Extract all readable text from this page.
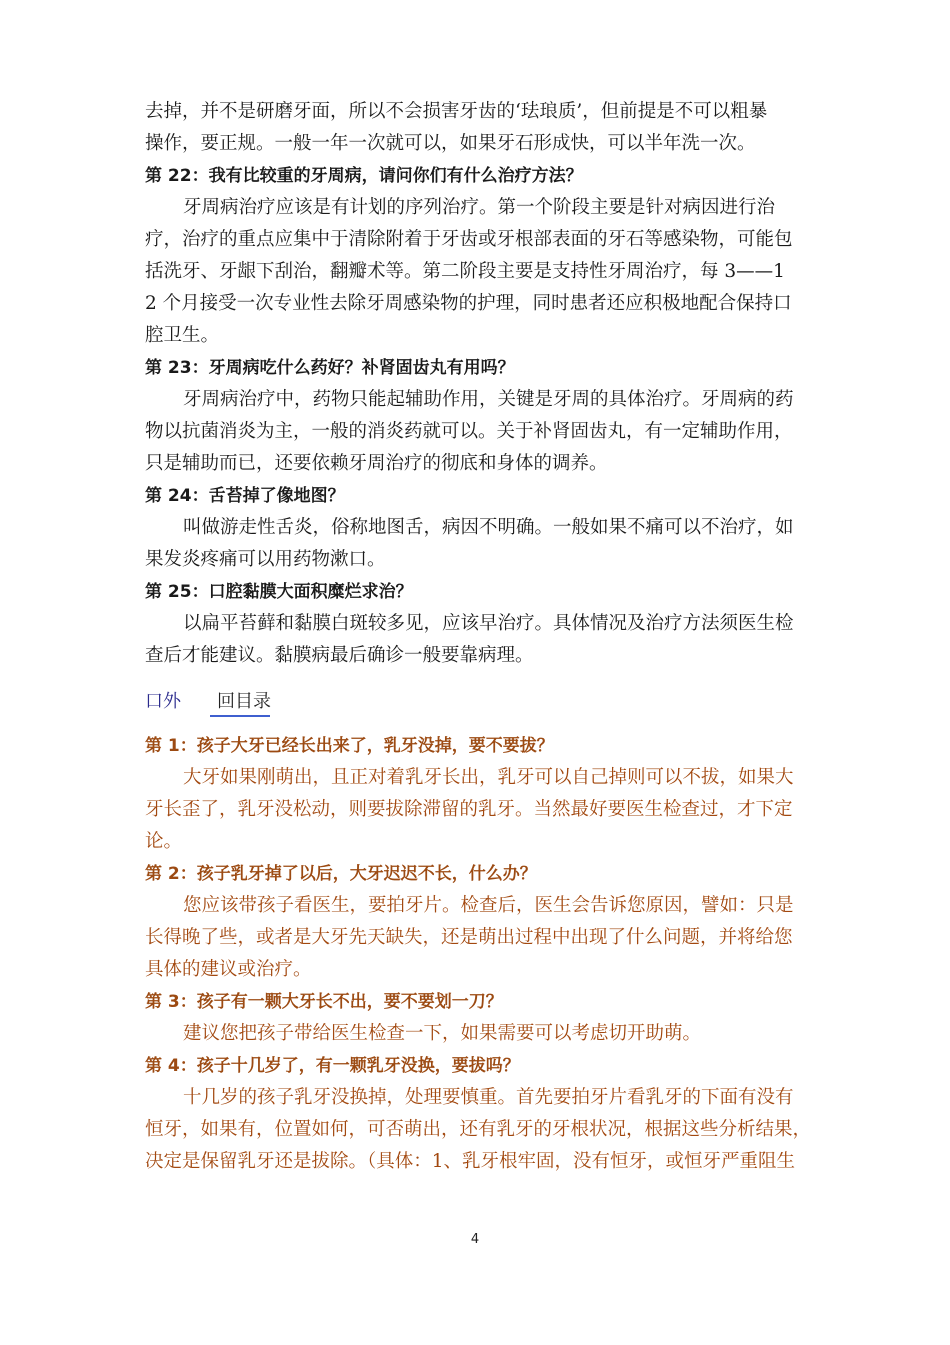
去掉，并不是研磨牙面，所以不会损害牙齿的‘珐琅质’，但前提是不可以粗暴
操作，要正规。一般一年一次就可以，如果牙石形成快，可以半年洗一次。
第 22：我有比较重的牙周病，请问你们有什么治疗方法？
牙周病治疗应该是有计划的序列治疗。第一个阶段主要是针对病因进行治
疗，治疗的重点应集中于清除附着于牙齿或牙根部表面的牙石等感染物，可能包
括洗牙、牙龈下刮治，翻瓣术等。第二阶段主要是支持性牙周治疗，每 3——1
2 个月接受一次专业性去除牙周感染物的护理，同时患者还应积极地配合保持口
腔卫生。
第 23：牙周病吃什么药好？补肾固齿丸有用吗？
牙周病治疗中，药物只能起辅助作用，关键是牙周的具体治疗。牙周病的药
物以抗菌消炎为主，一般的消炎药就可以。关于补肾固齿丸，有一定辅助作用，
只是辅助而已，还要依赖牙周治疗的彻底和身体的调养。
第 24：舌苔掉了像地图？
叫做游走性舌炎，俗称地图舌，病因不明确。一般如果不痛可以不治疗，如
果发炎疼痛可以用药物漱口。
第 25：口腔黏膜大面积糜烂求治？
以扁平苔藓和黏膜白斑较多见，应该早治疗。具体情况及治疗方法须医生检
查后才能建议。黏膜病最后确诊一般要靠病理。
口外 回目录
第 1：孩子大牙已经长出来了，乳牙没掉，要不要拔？
大牙如果刚萌出，且正对着乳牙长出，乳牙可以自己掉则可以不拔，如果大
牙长歪了，乳牙没松动，则要拔除滞留的乳牙。当然最好要医生检查过，才下定
论。
第 2：孩子乳牙掉了以后，大牙迟迟不长，什么办？
您应该带孩子看医生，要拍牙片。检查后，医生会告诉您原因，譬如：只是
长得晚了些，或者是大牙先天缺失，还是萌出过程中出现了什么问题，并将给您
具体的建议或治疗。
第 3：孩子有一颗大牙长不出，要不要划一刀？
建议您把孩子带给医生检查一下，如果需要可以考虑切开助萌。
第 4：孩子十几岁了，有一颗乳牙没换，要拔吗？
十几岁的孩子乳牙没换掉，处理要慎重。首先要拍牙片看乳牙的下面有没有
恒牙，如果有，位置如何，可否萌出，还有乳牙的牙根状况，根据这些分析结果，
决定是保留乳牙还是拔除。（具体：1、乳牙根牢固，没有恒牙，或恒牙严重阻生
4
